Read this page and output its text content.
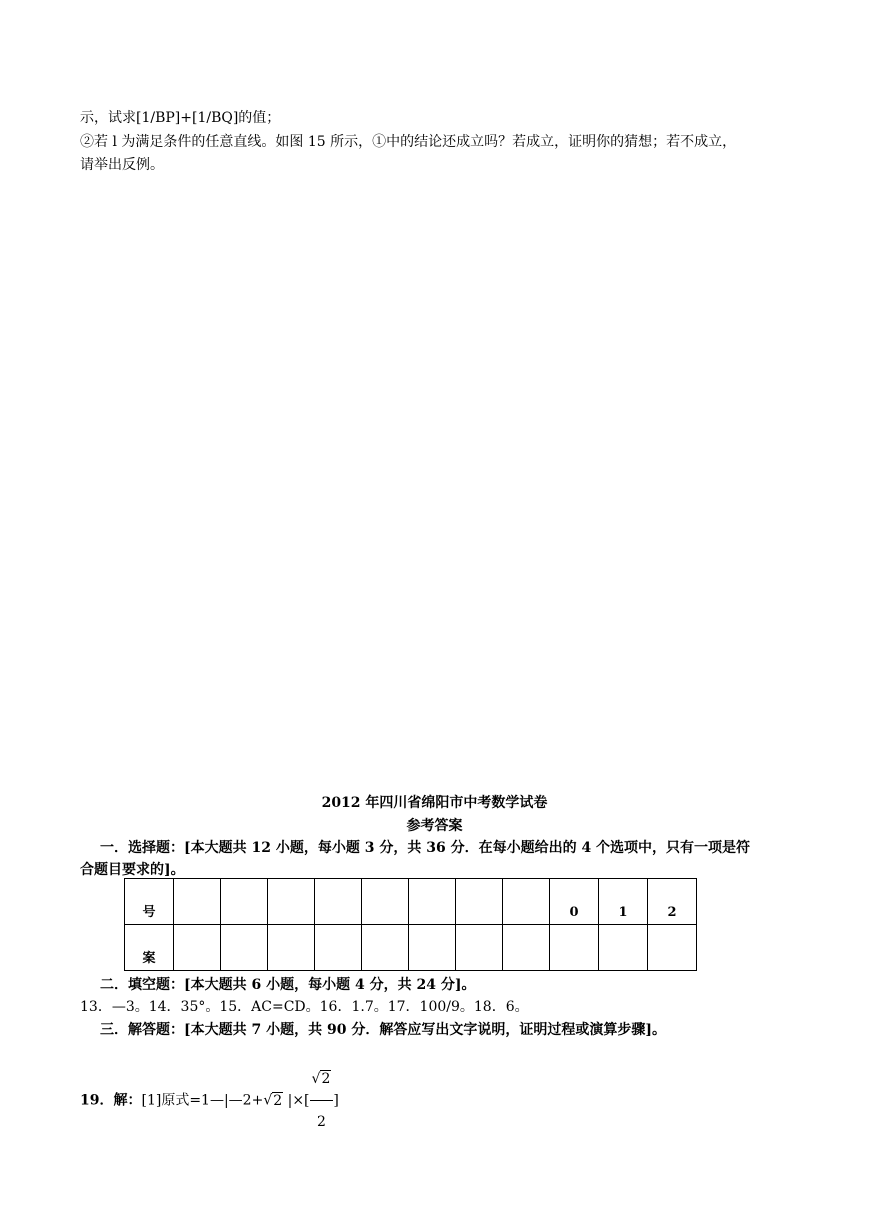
示，试求[1/BP]+[1/BQ]的值；
②若 l 为满足条件的任意直线。如图 15 所示，①中的结论还成立吗？若成立，证明你的猜想；若不成立，
请举出反例。
2012 年四川省绵阳市中考数学试卷
参考答案
一．选择题：[本大题共 12 小题，每小题 3 分，共 36 分．在每小题给出的 4 个选项中，只有一项是符
合题目要求的]。
号									0	1	2

案											

二．填空题：[本大题共 6 小题，每小题 4 分，共 24 分]。
13．—3。14．35°。15．AC=CD。16．1.7。17．100/9。18．6。
三．解答题：[本大题共 7 小题，共 90 分．解答应写出文字说明，证明过程或演算步骤]。
19．解：[1]原式=1—|—2+√2 |×[ $\frac{√2}{2}$ ]
